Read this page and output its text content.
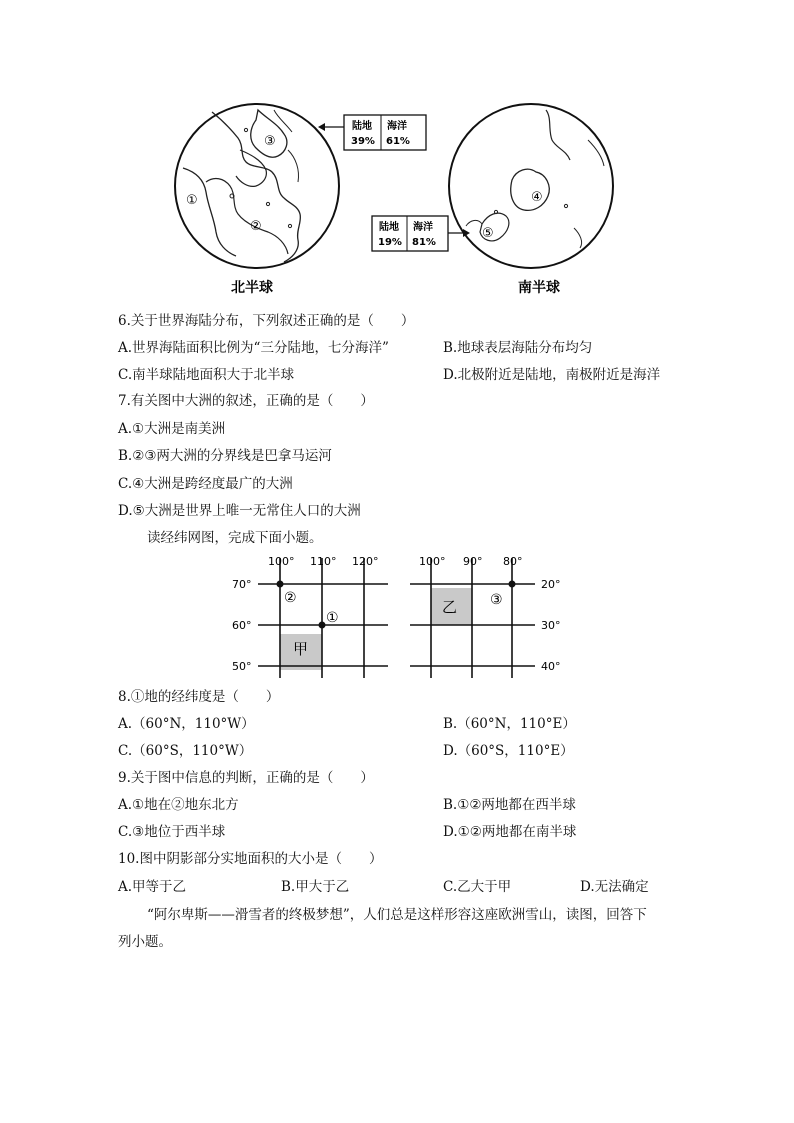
①
②
③
北半球
陆地 海洋
39% 61%
④
⑤
南半球
陆地 海洋
19% 81%
6.关于世界海陆分布，下列叙述正确的是（　　）
A.世界海陆面积比例为“三分陆地，七分海洋”	B.地球表层海陆分布均匀
C.南半球陆地面积大于北半球	D.北极附近是陆地，南极附近是海洋
7.有关图中大洲的叙述，正确的是（　　）
A.①大洲是南美洲
B.②③两大洲的分界线是巴拿马运河
C.④大洲是跨经度最广的大洲
D.⑤大洲是世界上唯一无常住人口的大洲
读经纬网图，完成下面小题。
100° 110° 120°
70°
60°
50°
②
①
甲
100° 90° 80°
20°
30°
40°
乙 ③
8.①地的经纬度是（　　）
A.（60°N，110°W）	B.（60°N，110°E）
C.（60°S，110°W）	D.（60°S，110°E）
9.关于图中信息的判断，正确的是（　　）
A.①地在②地东北方	B.①②两地都在西半球
C.③地位于西半球	D.①②两地都在南半球
10.图中阴影部分实地面积的大小是（　　）
A.甲等于乙	B.甲大于乙	C.乙大于甲	D.无法确定
“阿尔卑斯——滑雪者的终极梦想”，人们总是这样形容这座欧洲雪山，读图，回答下
列小题。
